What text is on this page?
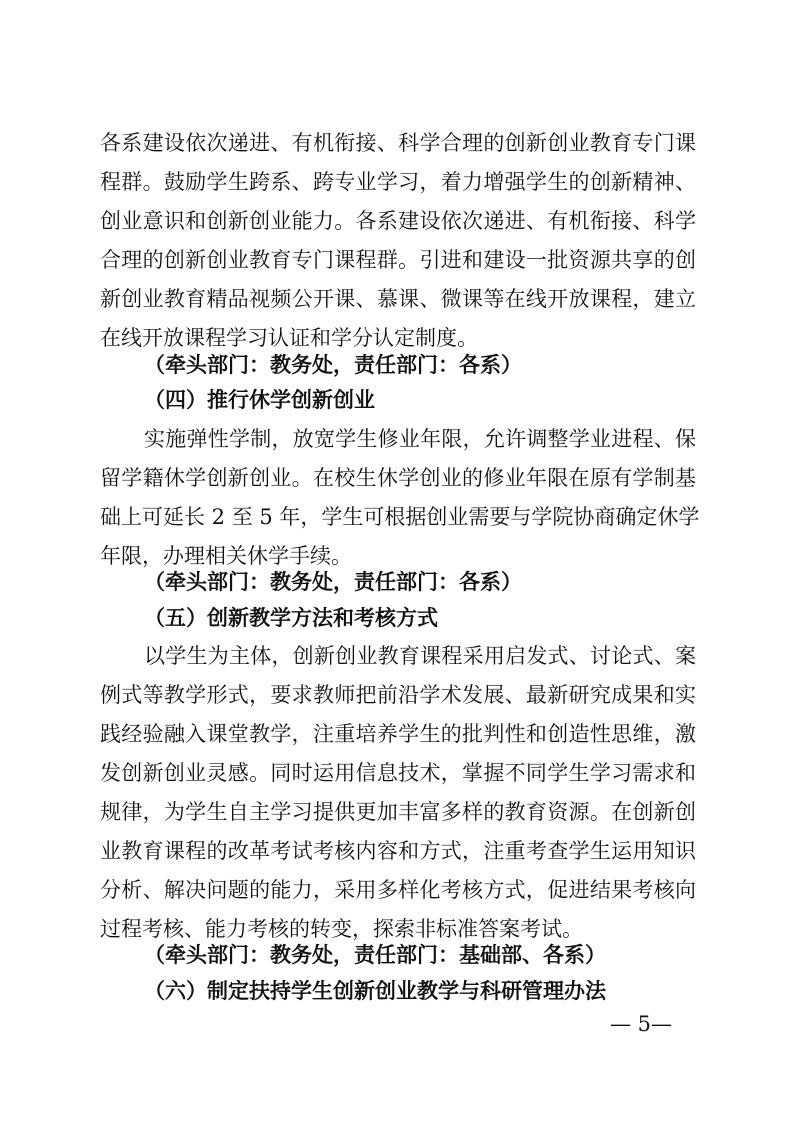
各系建设依次递进、有机衔接、科学合理的创新创业教育专门课
程群。鼓励学生跨系、跨专业学习，着力增强学生的创新精神、
创业意识和创新创业能力。各系建设依次递进、有机衔接、科学
合理的创新创业教育专门课程群。引进和建设一批资源共享的创
新创业教育精品视频公开课、慕课、微课等在线开放课程，建立
在线开放课程学习认证和学分认定制度。
（牵头部门：教务处，责任部门：各系）
（四）推行休学创新创业
实施弹性学制，放宽学生修业年限，允许调整学业进程、保
留学籍休学创新创业。在校生休学创业的修业年限在原有学制基
础上可延长 2 至 5 年，学生可根据创业需要与学院协商确定休学
年限，办理相关休学手续。
（牵头部门：教务处，责任部门：各系）
（五）创新教学方法和考核方式
以学生为主体，创新创业教育课程采用启发式、讨论式、案
例式等教学形式，要求教师把前沿学术发展、最新研究成果和实
践经验融入课堂教学，注重培养学生的批判性和创造性思维，激
发创新创业灵感。同时运用信息技术，掌握不同学生学习需求和
规律，为学生自主学习提供更加丰富多样的教育资源。在创新创
业教育课程的改革考试考核内容和方式，注重考查学生运用知识
分析、解决问题的能力，采用多样化考核方式，促进结果考核向
过程考核、能力考核的转变，探索非标准答案考试。
（牵头部门：教务处，责任部门：基础部、各系）
（六）制定扶持学生创新创业教学与科研管理办法
— 5—
